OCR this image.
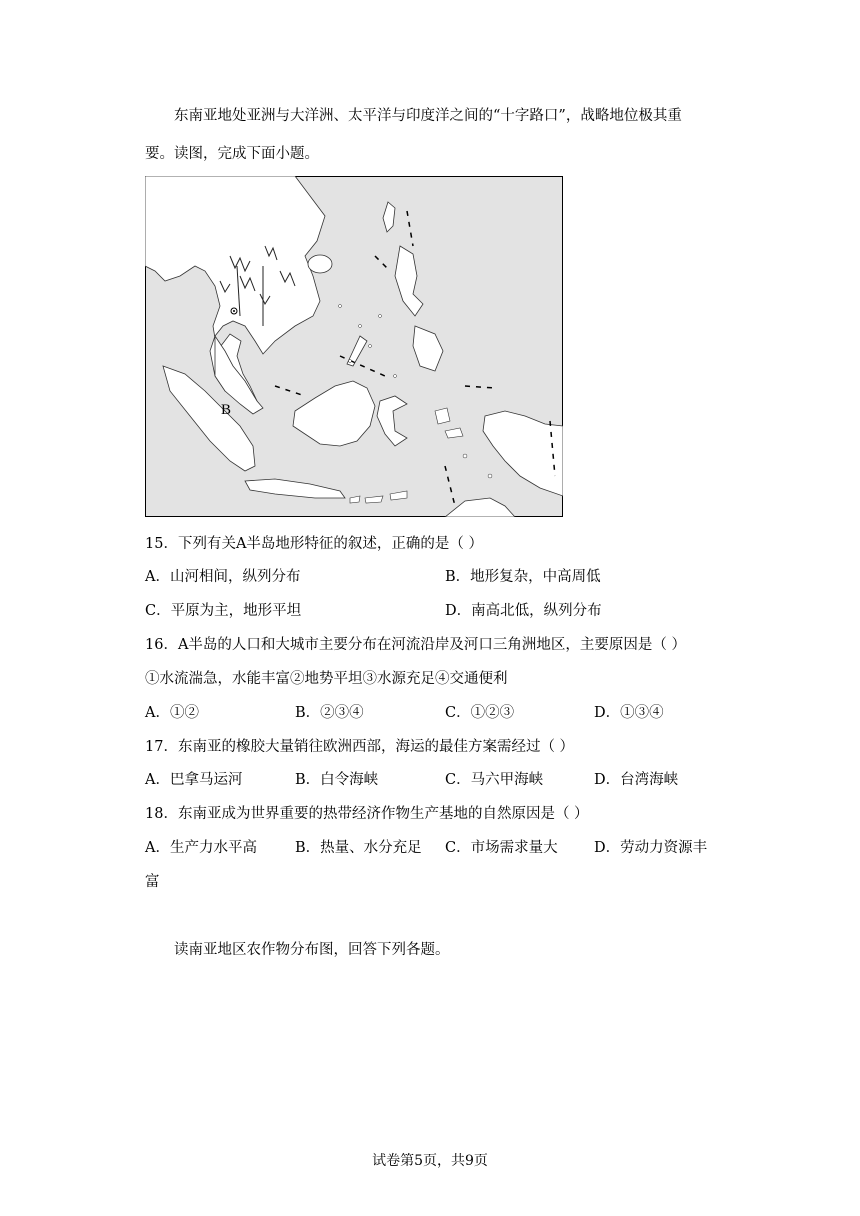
东南亚地处亚洲与大洋洲、太平洋与印度洋之间的“十字路口”，战略地位极其重
要。读图，完成下面小题。
B
15．下列有关A半岛地形特征的叙述，正确的是（ ）
A．山河相间，纵列分布	B．地形复杂，中高周低
C．平原为主，地形平坦	D．南高北低，纵列分布
16．A半岛的人口和大城市主要分布在河流沿岸及河口三角洲地区，主要原因是（ ）
①水流湍急，水能丰富②地势平坦③水源充足④交通便利
A．①②	B．②③④	C．①②③	D．①③④
17．东南亚的橡胶大量销往欧洲西部，海运的最佳方案需经过（ ）
A．巴拿马运河	B．白令海峡	C．马六甲海峡	D．台湾海峡
18．东南亚成为世界重要的热带经济作物生产基地的自然原因是（ ）
A．生产力水平高	B．热量、水分充足 C．市场需求量大	D．劳动力资源丰
富
读南亚地区农作物分布图，回答下列各题。
试卷第5页，共9页
